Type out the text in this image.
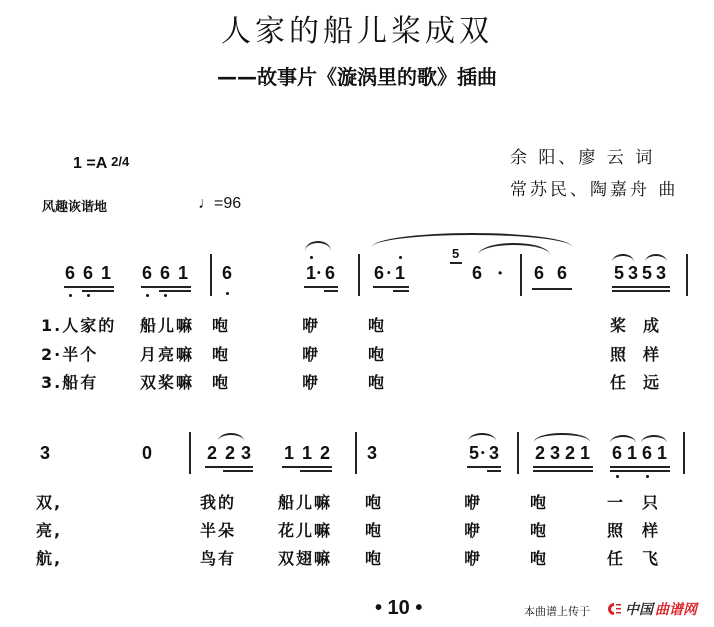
人家的船儿桨成双
——故事片《漩涡里的歌》插曲
余 阳、廖 云 词
常苏民、陶嘉舟 曲
1 =A 2/4
风趣诙谐地	♩=96
6 6 1 6 6 1 6	1 · 6 6 · 1
5
6 · 6 6	5 3 5 3
1.人家的 船儿嘛 咆	咿	咆	桨 成
2·半个	月亮嘛 咆	咿	咆	照 样
3.船有	双桨嘛 咆	咿	咆	任 远
3	0	2 2 3 1 1 2 3	5 · 3 2 3 2 1 6 1 6 1
双,	我的	船儿嘛 咆	咿	咆	一 只
亮,	半朵	花儿嘛 咆	咿	咆	照 样
航,	鸟有	双翅嘛 咆	咿	咆	任 飞
• 10 •	本曲谱上传于	中国 曲谱网
